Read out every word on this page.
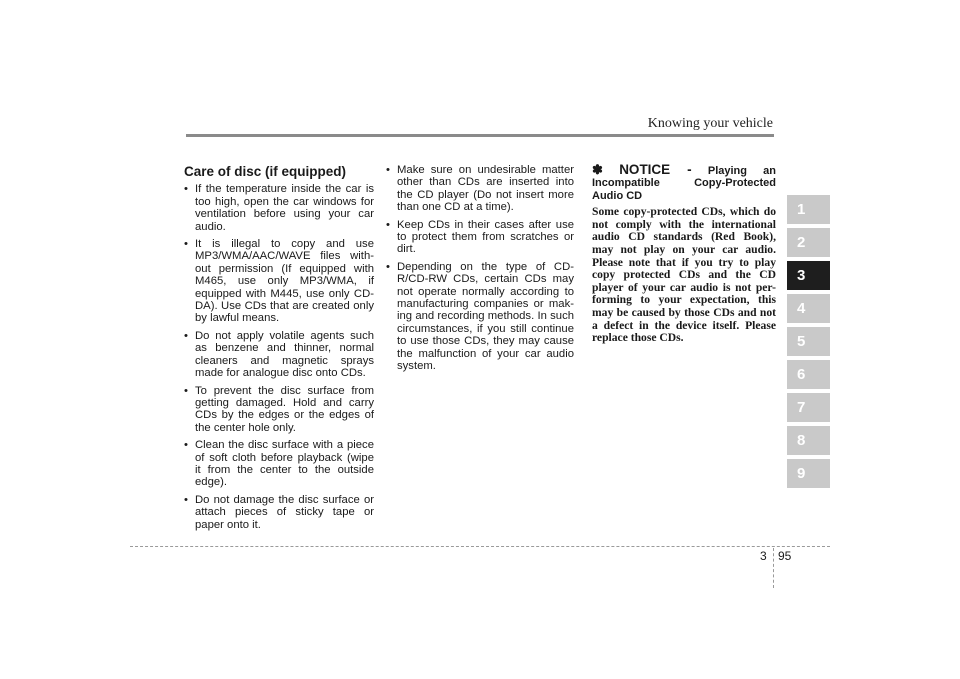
Knowing your vehicle
Care of disc (if equipped)
• If the temperature inside the car is too high, open the car windows for ventilation before using your car audio.
• It is illegal to copy and use MP3/WMA/AAC/WAVE files with-out permission (If equipped with M465, use only MP3/WMA, if equipped with M445, use only CD-DA). Use CDs that are created only by lawful means.
• Do not apply volatile agents such as benzene and thinner, normal cleaners and magnetic sprays made for analogue disc onto CDs.
• To prevent the disc surface from getting damaged. Hold and carry CDs by the edges or the edges of the center hole only.
• Clean the disc surface with a piece of soft cloth before playback (wipe it from the center to the outside edge).
• Do not damage the disc surface or attach pieces of sticky tape or paper onto it.
• Make sure on undesirable matter other than CDs are inserted into the CD player (Do not insert more than one CD at a time).
• Keep CDs in their cases after use to protect them from scratches or dirt.
• Depending on the type of CD-R/CD-RW CDs, certain CDs may not operate normally according to manufacturing companies or mak-ing and recording methods. In such circumstances, if you still continue to use those CDs, they may cause the malfunction of your car audio system.
✽ NOTICE - Playing an Incompatible Copy-Protected Audio CD
Some copy-protected CDs, which do not comply with the international audio CD standards (Red Book), may not play on your car audio. Please note that if you try to play copy protected CDs and the CD player of your car audio is not per-forming to your expectation, this may be caused by those CDs and not a defect in the device itself. Please replace those CDs.
1
2
3
4
5
6
7
8
9
3 95
